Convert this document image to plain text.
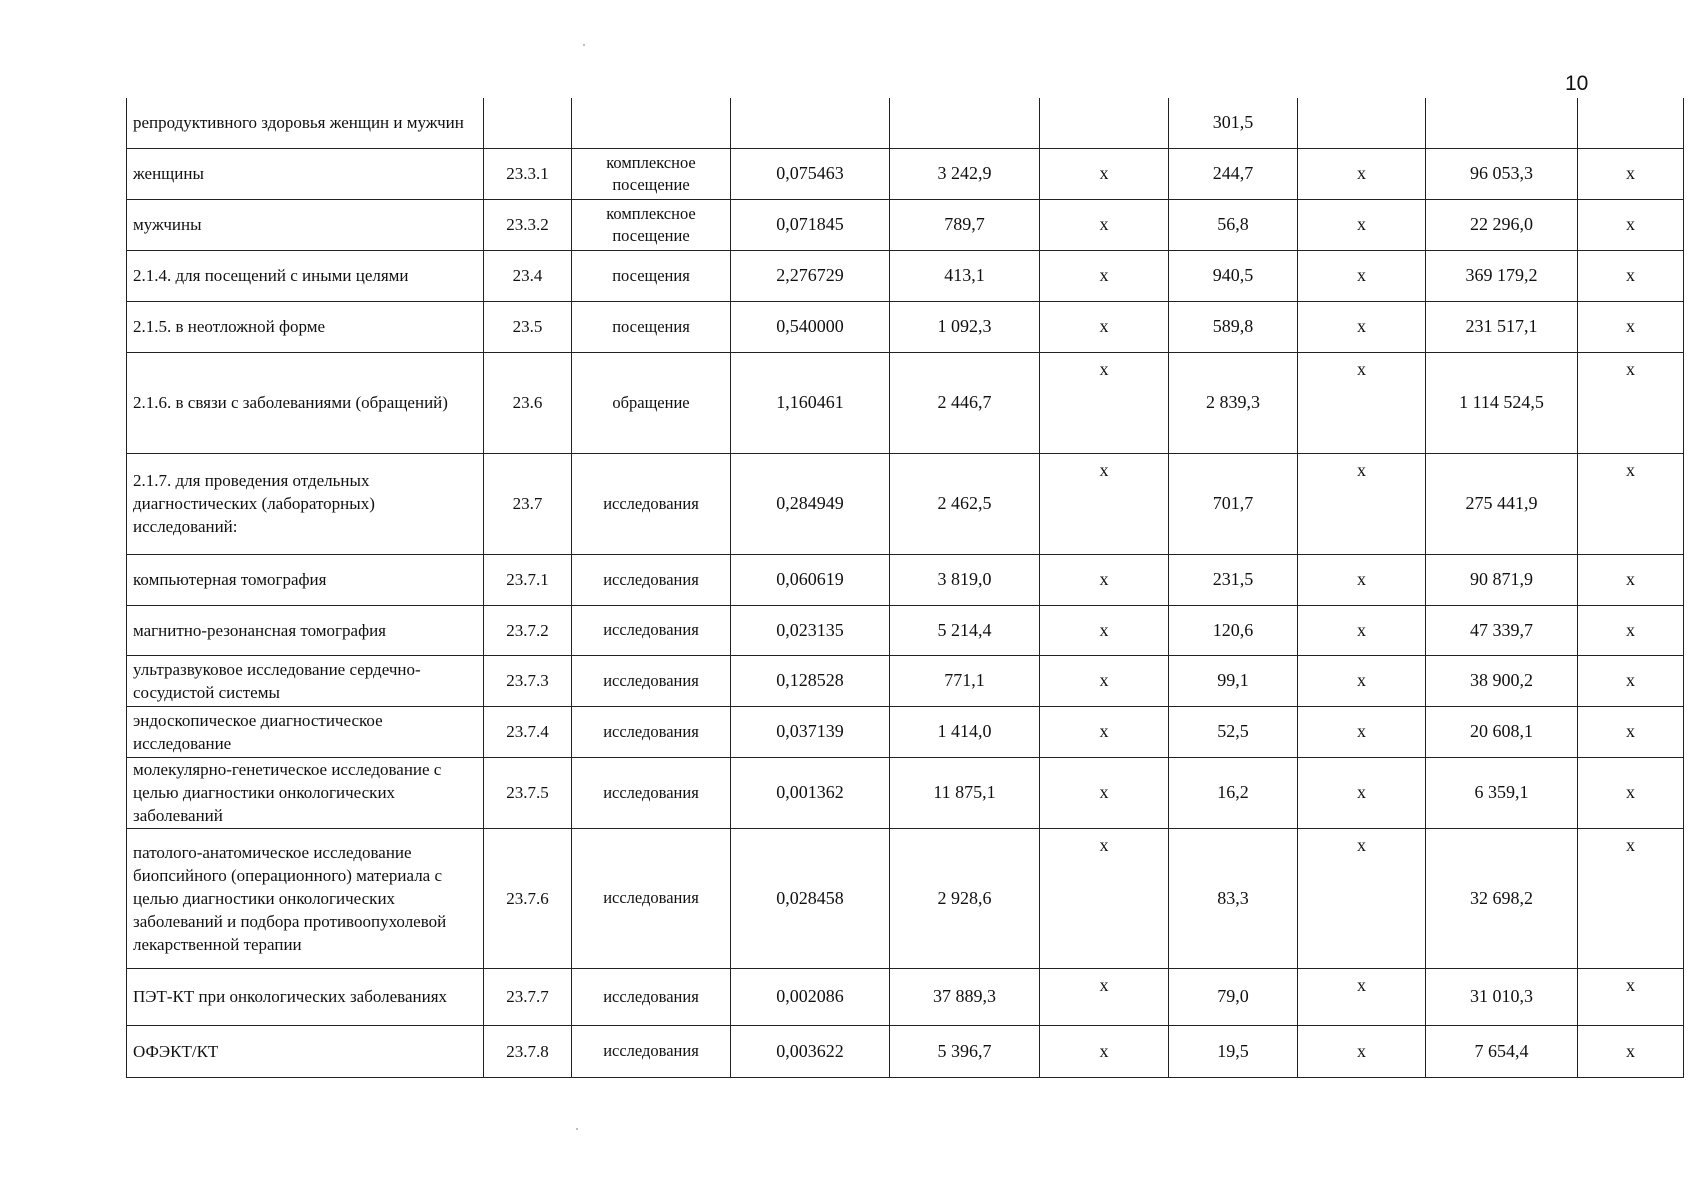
10
репродуктивного здоровья женщин и мужчин						301,5			
женщины	23.3.1	комплексное посещение	0,075463	3 242,9	х	244,7	х	96 053,3	х
мужчины	23.3.2	комплексное посещение	0,071845	789,7	х	56,8	х	22 296,0	х
2.1.4. для посещений с иными целями	23.4	посещения	2,276729	413,1	х	940,5	х	369 179,2	х
2.1.5. в неотложной форме	23.5	посещения	0,540000	1 092,3	х	589,8	х	231 517,1	х
2.1.6. в связи с заболеваниями (обращений)	23.6	обращение	1,160461	2 446,7	х	2 839,3	х	1 114 524,5	х
2.1.7. для проведения отдельных диагностических (лабораторных) исследований:	23.7	исследования	0,284949	2 462,5	х	701,7	х	275 441,9	х
компьютерная томография	23.7.1	исследования	0,060619	3 819,0	х	231,5	х	90 871,9	х
магнитно-резонансная томография	23.7.2	исследования	0,023135	5 214,4	х	120,6	х	47 339,7	х
ультразвуковое исследование сердечно-сосудистой системы	23.7.3	исследования	0,128528	771,1	х	99,1	х	38 900,2	х
эндоскопическое диагностическое исследование	23.7.4	исследования	0,037139	1 414,0	х	52,5	х	20 608,1	х
молекулярно-генетическое исследование с целью диагностики онкологических заболеваний	23.7.5	исследования	0,001362	11 875,1	х	16,2	х	6 359,1	х
патолого-анатомическое исследование биопсийного (операционного) материала с целью диагностики онкологических заболеваний и подбора противоопухолевой лекарственной терапии	23.7.6	исследования	0,028458	2 928,6	х	83,3	х	32 698,2	х
ПЭТ-КТ при онкологических заболеваниях	23.7.7	исследования	0,002086	37 889,3	х	79,0	х	31 010,3	х
ОФЭКТ/КТ	23.7.8	исследования	0,003622	5 396,7	х	19,5	х	7 654,4	х
